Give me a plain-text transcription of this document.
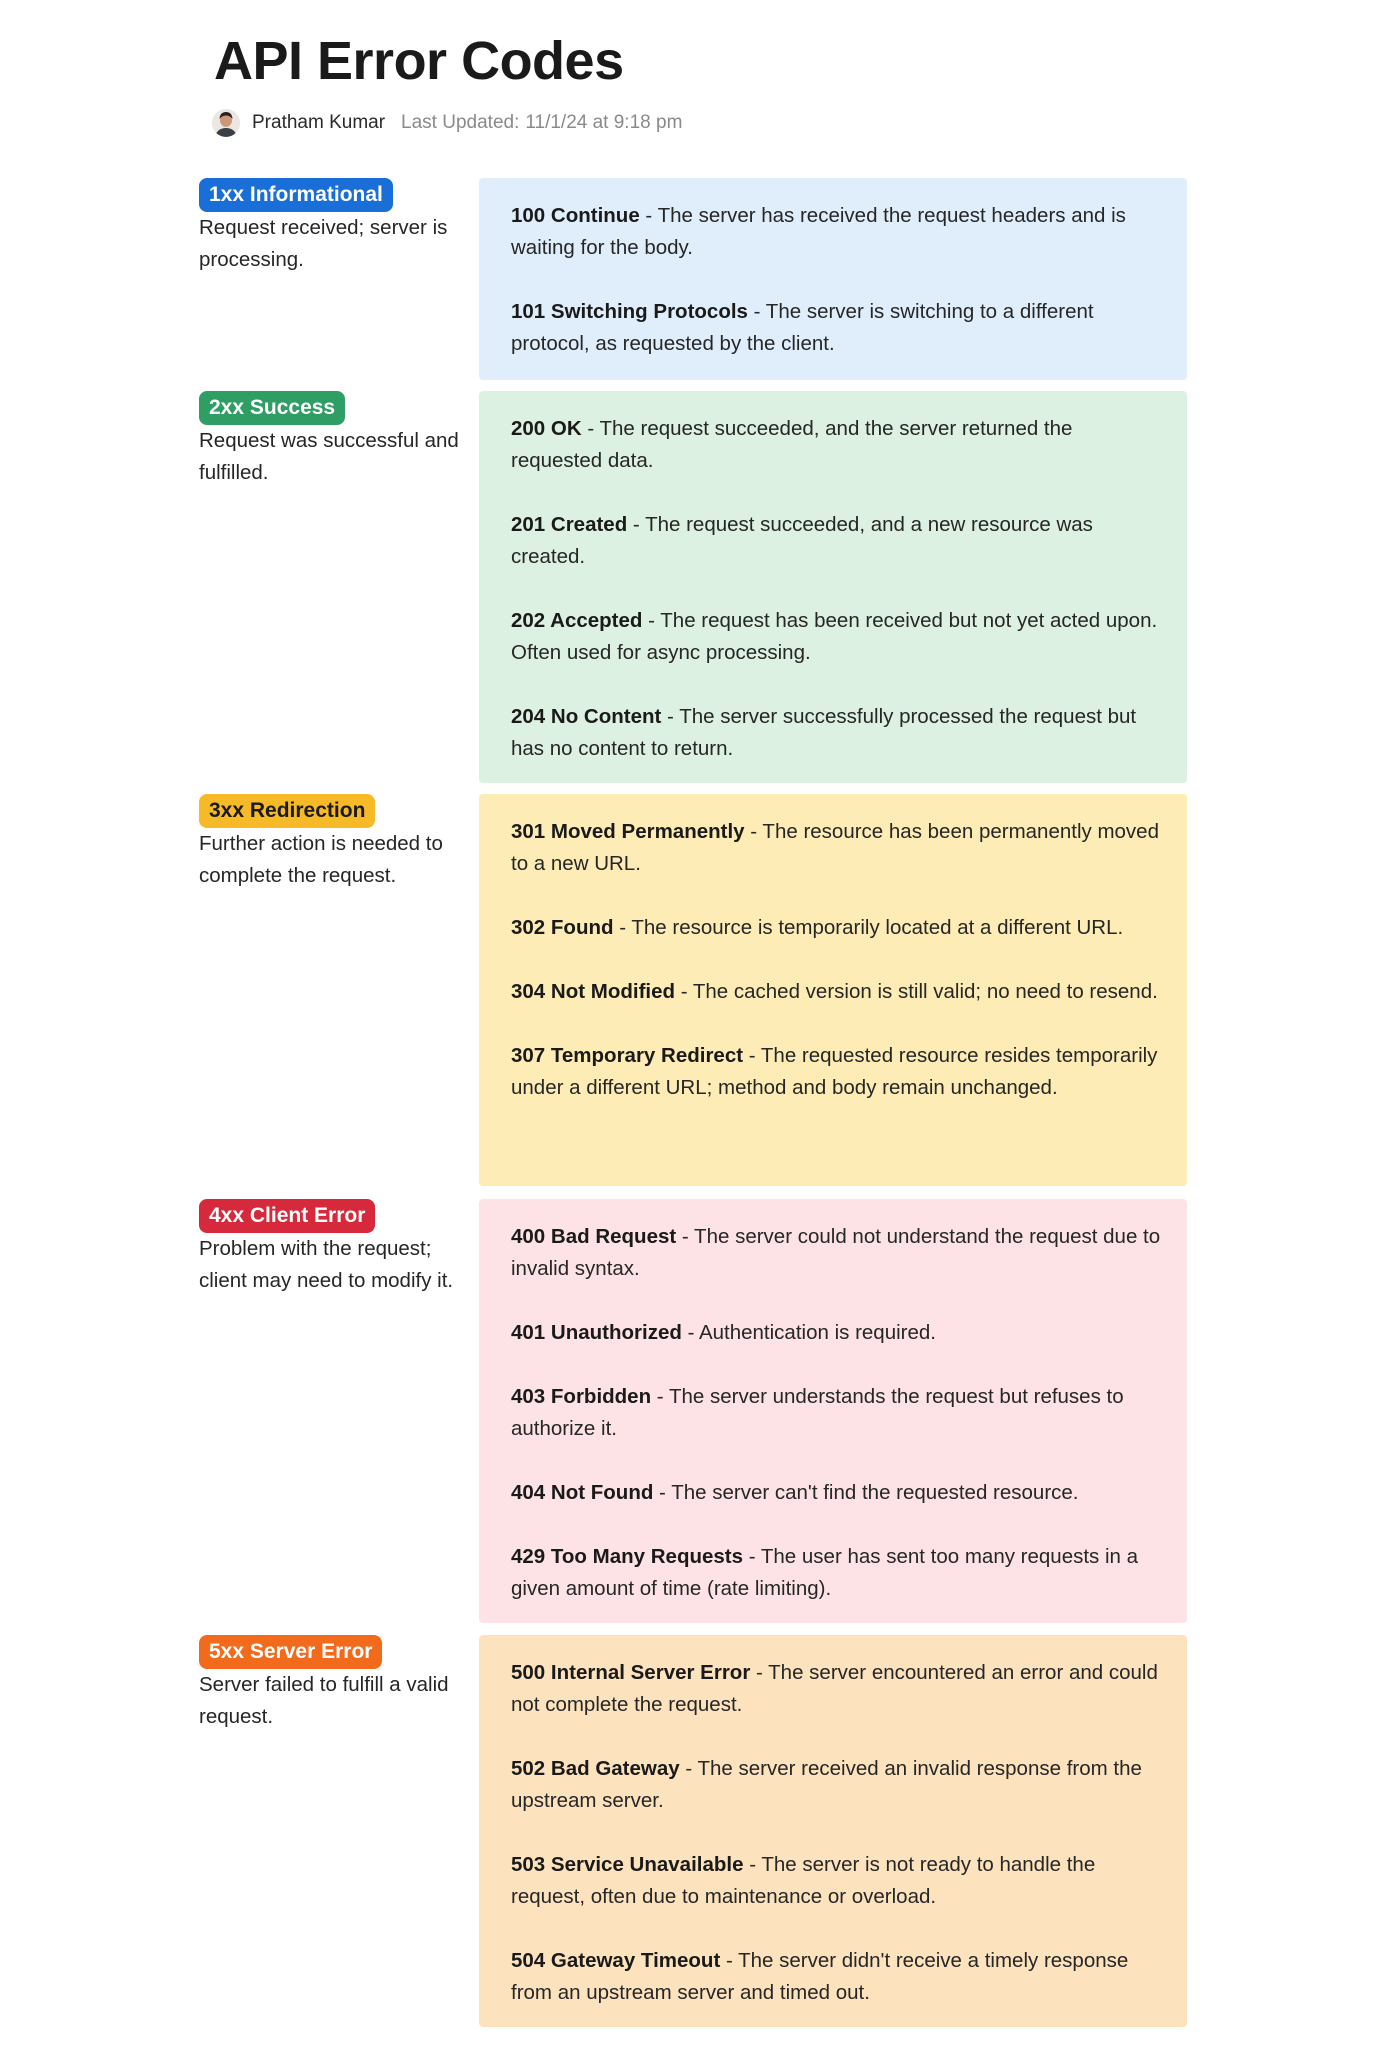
API Error Codes
Pratham Kumar Last Updated: 11/1/24 at 9:18 pm
1xx Informational
Request received; server is processing.

100 Continue - The server has received the request headers and is waiting for the body.

101 Switching Protocols - The server is switching to a different protocol, as requested by the client.

2xx Success
Request was successful and fulfilled.

200 OK - The request succeeded, and the server returned the requested data.

201 Created - The request succeeded, and a new resource was created.

202 Accepted - The request has been received but not yet acted upon. Often used for async processing.

204 No Content - The server successfully processed the request but has no content to return.

3xx Redirection
Further action is needed to complete the request.

301 Moved Permanently - The resource has been permanently moved to a new URL.

302 Found - The resource is temporarily located at a different URL.

304 Not Modified - The cached version is still valid; no need to resend.

307 Temporary Redirect - The requested resource resides temporarily under a different URL; method and body remain unchanged.

4xx Client Error
Problem with the request; client may need to modify it.

400 Bad Request - The server could not understand the request due to invalid syntax.

401 Unauthorized - Authentication is required.

403 Forbidden - The server understands the request but refuses to authorize it.

404 Not Found - The server can't find the requested resource.

429 Too Many Requests - The user has sent too many requests in a given amount of time (rate limiting).

5xx Server Error
Server failed to fulfill a valid request.

500 Internal Server Error - The server encountered an error and could not complete the request.

502 Bad Gateway - The server received an invalid response from the upstream server.

503 Service Unavailable - The server is not ready to handle the request, often due to maintenance or overload.

504 Gateway Timeout - The server didn't receive a timely response from an upstream server and timed out.
